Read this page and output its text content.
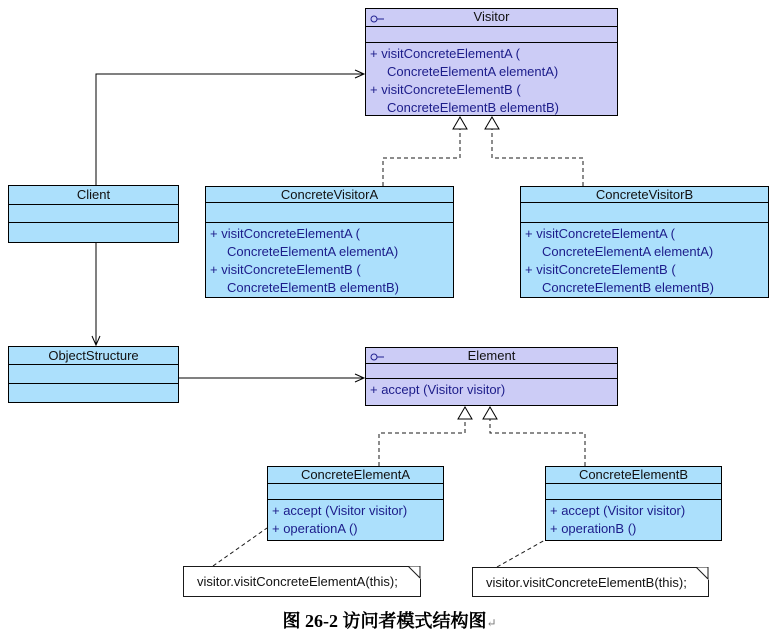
Visitor
+ visitConcreteElementA (
ConcreteElementA elementA)
+ visitConcreteElementB (
ConcreteElementB elementB)
Client	ConcreteVisitorA
+ visitConcreteElementA (
ConcreteElementA elementA)
+ visitConcreteElementB (
ConcreteElementB elementB)
ConcreteVisitorB
+ visitConcreteElementA (
ConcreteElementA elementA)
+ visitConcreteElementB (
ConcreteElementB elementB)
ObjectStructure	Element
+ accept (Visitor visitor)
ConcreteElementA
+ accept (Visitor visitor)
+ operationA ()
ConcreteElementB
+ accept (Visitor visitor)
+ operationB ()
visitor.visitConcreteElementA(this);	visitor.visitConcreteElementB(this);
图 26-2 访问者模式结构图↵
